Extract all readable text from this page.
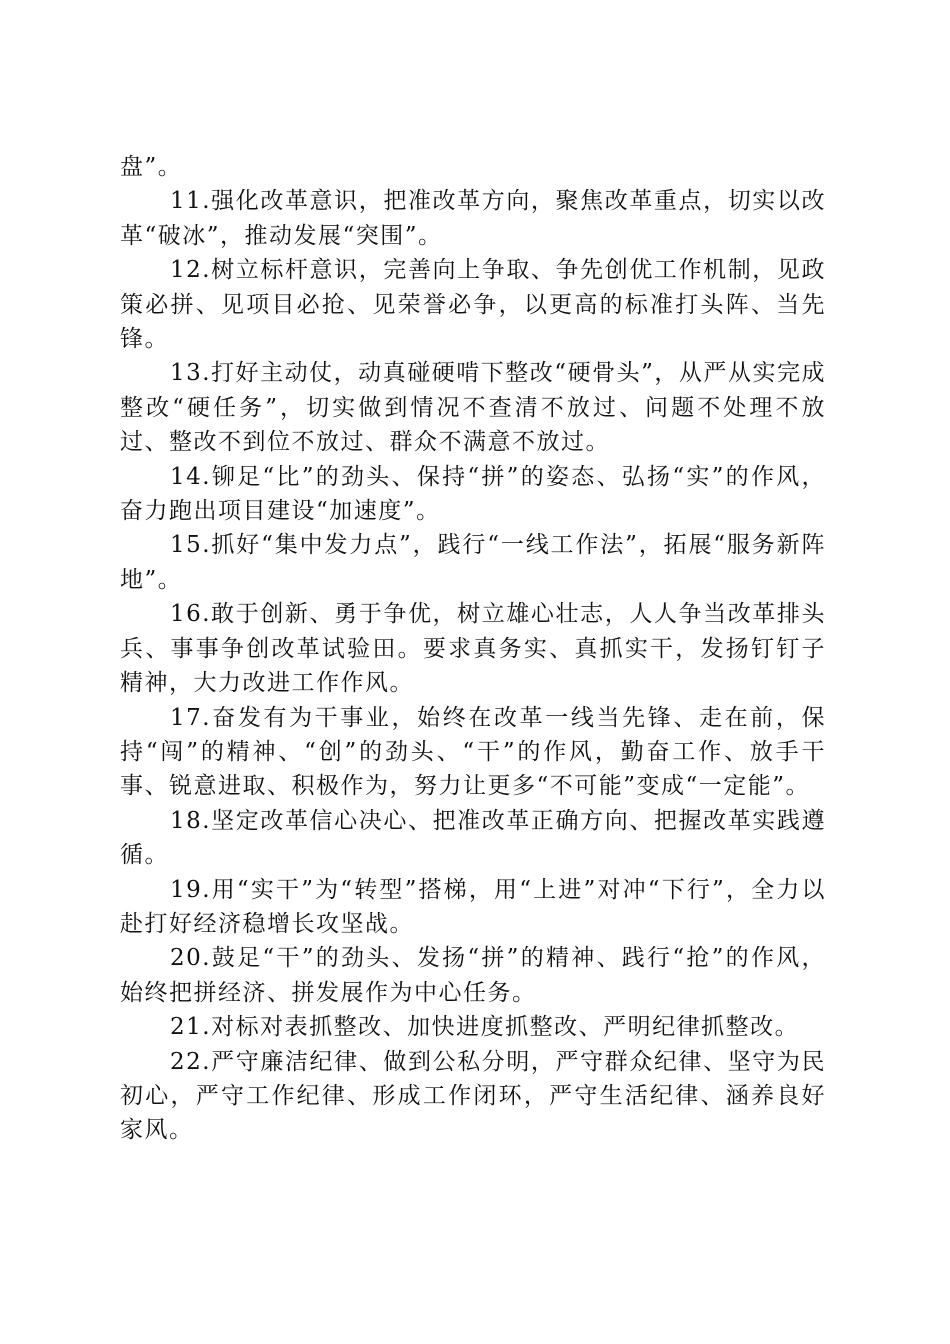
盘”。

11.强化改革意识，把准改革方向，聚焦改革重点，切实以改革“破冰”，推动发展“突围”。

12.树立标杆意识，完善向上争取、争先创优工作机制，见政策必拼、见项目必抢、见荣誉必争，以更高的标准打头阵、当先锋。

13.打好主动仗，动真碰硬啃下整改“硬骨头”，从严从实完成整改“硬任务”，切实做到情况不查清不放过、问题不处理不放过、整改不到位不放过、群众不满意不放过。

14.铆足“比”的劲头、保持“拼”的姿态、弘扬“实”的作风，奋力跑出项目建设“加速度”。

15.抓好“集中发力点”，践行“一线工作法”，拓展“服务新阵地”。

16.敢于创新、勇于争优，树立雄心壮志，人人争当改革排头兵、事事争创改革试验田。要求真务实、真抓实干，发扬钉钉子精神，大力改进工作作风。

17.奋发有为干事业，始终在改革一线当先锋、走在前，保持“闯”的精神、“创”的劲头、“干”的作风，勤奋工作、放手干事、锐意进取、积极作为，努力让更多“不可能”变成“一定能”。

18.坚定改革信心决心、把准改革正确方向、把握改革实践遵循。

19.用“实干”为“转型”搭梯，用“上进”对冲“下行”，全力以赴打好经济稳增长攻坚战。

20.鼓足“干”的劲头、发扬“拼”的精神、践行“抢”的作风，始终把拼经济、拼发展作为中心任务。

21.对标对表抓整改、加快进度抓整改、严明纪律抓整改。

22.严守廉洁纪律、做到公私分明，严守群众纪律、坚守为民初心，严守工作纪律、形成工作闭环，严守生活纪律、涵养良好家风。
